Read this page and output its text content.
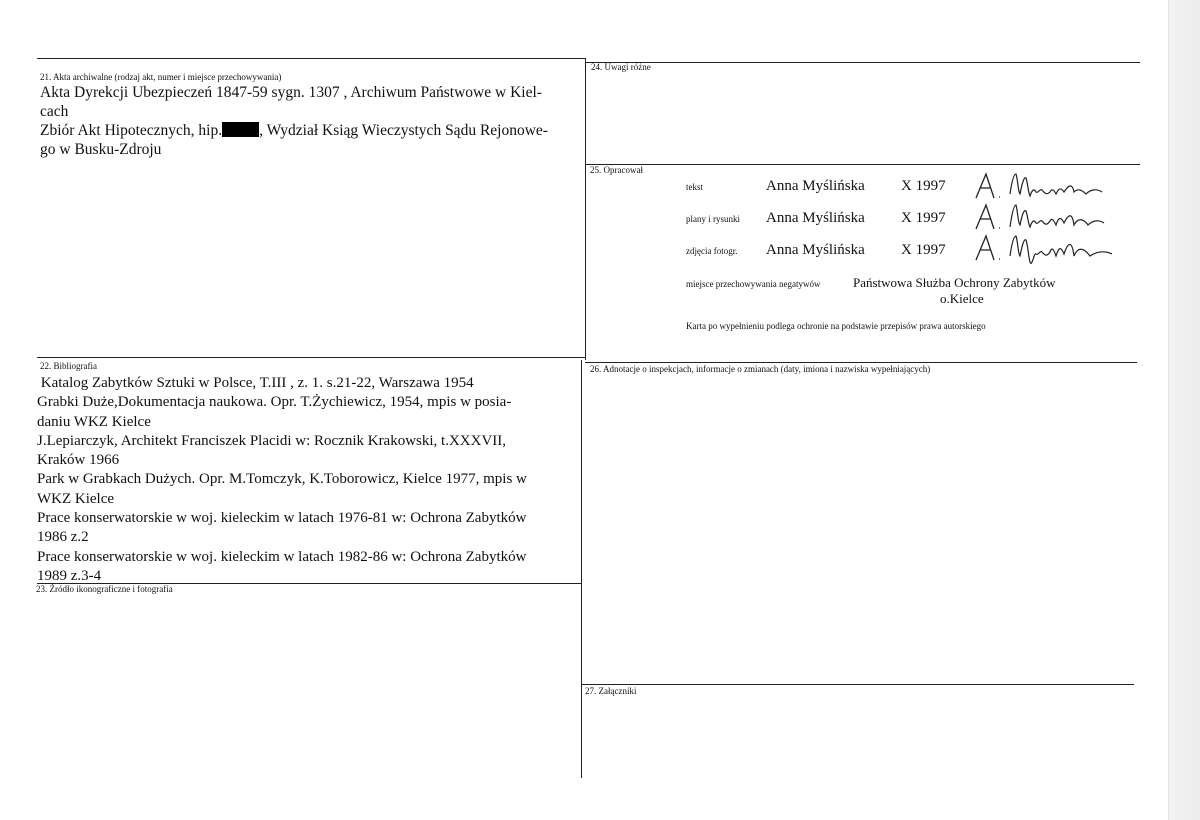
21. Akta archiwalne (rodzaj akt, numer i miejsce przechowywania)
Akta Dyrekcji Ubezpieczeń 1847-59 sygn. 1307 , Archiwum Państwowe w Kiel-
cach
Zbiór Akt Hipotecznych, hip. , Wydział Ksiąg Wieczystych Sądu Rejonowe-
go w Busku-Zdroju
24. Uwagi różne
25. Opracował
tekst	Anna Myślińska	X 1997
plany i rysunki	Anna Myślińska	X 1997
zdjęcia fotogr.	Anna Myślińska	X 1997
miejsce przechowywania negatywów	Państwowa Służba Ochrony Zabytków
o.Kielce
Karta po wypełnieniu podlega ochronie na podstawie przepisów prawa autorskiego
22. Bibliografia
Katalog Zabytków Sztuki w Polsce, T.III , z. 1. s.21-22, Warszawa 1954
Grabki Duże,Dokumentacja naukowa. Opr. T.Żychiewicz, 1954, mpis w posia-
daniu WKZ Kielce
J.Lepiarczyk, Architekt Franciszek Placidi w: Rocznik Krakowski, t.XXXVII,
Kraków 1966
Park w Grabkach Dużych. Opr. M.Tomczyk, K.Toborowicz, Kielce 1977, mpis w
WKZ Kielce
Prace konserwatorskie w woj. kieleckim w latach 1976-81 w: Ochrona Zabytków
1986 z.2
Prace konserwatorskie w woj. kieleckim w latach 1982-86 w: Ochrona Zabytków
1989 z.3-4
23. Źródło ikonograficzne i fotografia
26. Adnotacje o inspekcjach, informacje o zmianach (daty, imiona i nazwiska wypełniających)
27. Załączniki
